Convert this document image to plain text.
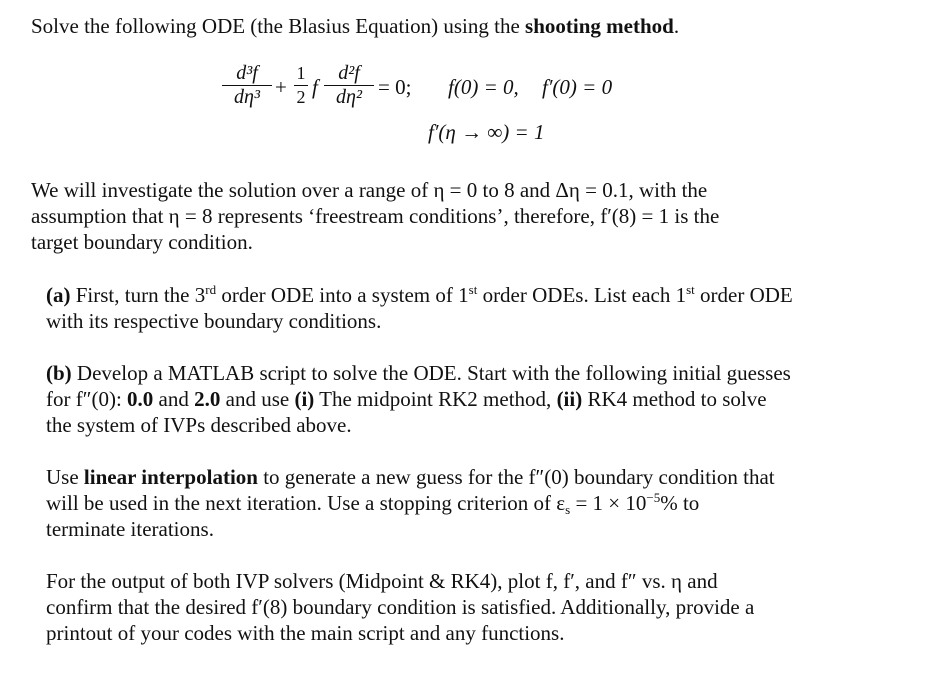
Solve the following ODE (the Blasius Equation) using the shooting method.

d³f
dη³ +
1
2 f
d²f
dη² = 0; f(0) = 0, f′(0) = 0
f′(η → ∞) = 1

We will investigate the solution over a range of η = 0 to 8 and Δη = 0.1, with the

assumption that η = 8 represents ‘freestream conditions’, therefore, f′(8) = 1 is the

target boundary condition.

(a) First, turn the 3rd order ODE into a system of 1st order ODEs. List each 1st order ODE

with its respective boundary conditions.

(b) Develop a MATLAB script to solve the ODE. Start with the following initial guesses

for f″(0): 0.0 and 2.0 and use (i) The midpoint RK2 method, (ii) RK4 method to solve

the system of IVPs described above.

Use linear interpolation to generate a new guess for the f″(0) boundary condition that

will be used in the next iteration. Use a stopping criterion of $\varepsilon_s = 1 \times 10^{-5}\%$ to

terminate iterations.

For the output of both IVP solvers (Midpoint & RK4), plot f, f′, and f″ vs. η and

confirm that the desired f′(8) boundary condition is satisfied. Additionally, provide a

printout of your codes with the main script and any functions.
